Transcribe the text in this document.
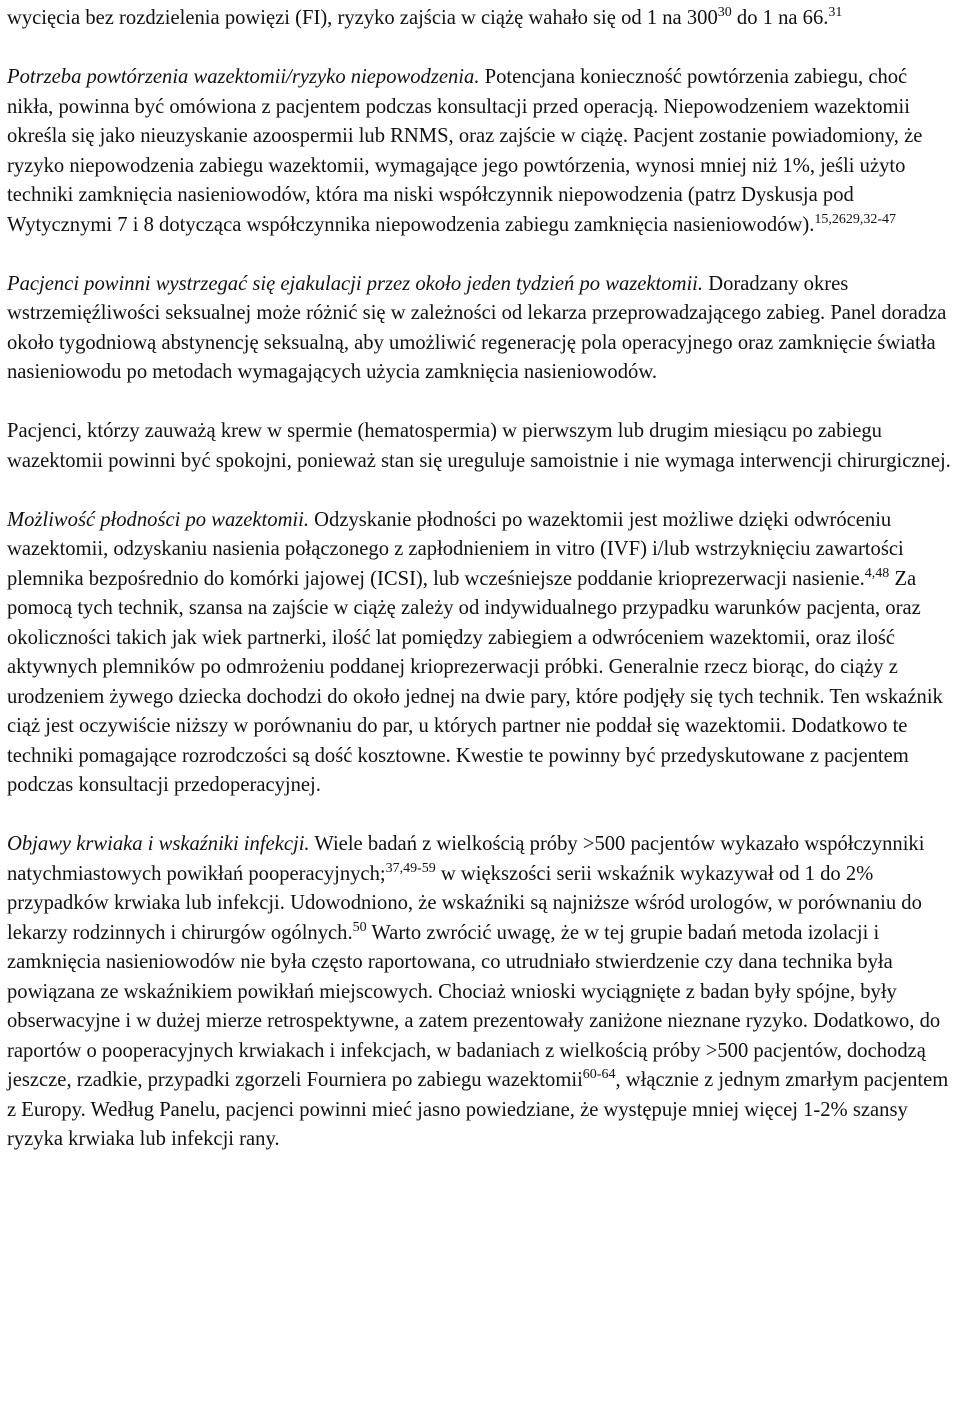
wycięcia bez rozdzielenia powięzi (FI), ryzyko zajścia w ciążę wahało się od 1 na $300^{30}$ do 1 na 66.31

Potrzeba powtórzenia wazektomii/ryzyko niepowodzenia. Potencjana konieczność powtórzenia zabiegu, choć nikła, powinna być omówiona z pacjentem podczas konsultacji przed operacją. Niepowodzeniem wazektomii określa się jako nieuzyskanie azoospermii lub RNMS, oraz zajście w ciążę. Pacjent zostanie powiadomiony, że ryzyko niepowodzenia zabiegu wazektomii, wymagające jego powtórzenia, wynosi mniej niż 1%, jeśli użyto techniki zamknięcia nasieniowodów, która ma niski współczynnik niepowodzenia (patrz Dyskusja pod Wytycznymi 7 i 8 dotycząca współczynnika niepowodzenia zabiegu zamknięcia nasieniowodów).$^{15,2629,32-47}$

Pacjenci powinni wystrzegać się ejakulacji przez około jeden tydzień po wazektomii. Doradzany okres wstrzemięźliwości seksualnej może różnić się w zależności od lekarza przeprowadzającego zabieg. Panel doradza około tygodniową abstynencję seksualną, aby umożliwić regenerację pola operacyjnego oraz zamknięcie światła nasieniowodu po metodach wymagających użycia zamknięcia nasieniowodów.

Pacjenci, którzy zauważą krew w spermie (hematospermia) w pierwszym lub drugim miesiącu po zabiegu wazektomii powinni być spokojni, ponieważ stan się ureguluje samoistnie i nie wymaga interwencji chirurgicznej.

Możliwość płodności po wazektomii. Odzyskanie płodności po wazektomii jest możliwe dzięki odwróceniu wazektomii, odzyskaniu nasienia połączonego z zapłodnieniem in vitro (IVF) i/lub wstrzyknięciu zawartości plemnika bezpośrednio do komórki jajowej (ICSI), lub wcześniejsze poddanie krioprezerwacji nasienie.$^{4,48}$ Za pomocą tych technik, szansa na zajście w ciążę zależy od indywidualnego przypadku warunków pacjenta, oraz okoliczności takich jak wiek partnerki, ilość lat pomiędzy zabiegiem a odwróceniem wazektomii, oraz ilość aktywnych plemników po odmrożeniu poddanej krioprezerwacji próbki. Generalnie rzecz biorąc, do ciąży z urodzeniem żywego dziecka dochodzi do około jednej na dwie pary, które podjęły się tych technik. Ten wskaźnik ciąż jest oczywiście niższy w porównaniu do par, u których partner nie poddał się wazektomii. Dodatkowo te techniki pomagające rozrodczości są dość kosztowne. Kwestie te powinny być przedyskutowane z pacjentem podczas konsultacji przedoperacyjnej.

Objawy krwiaka i wskaźniki infekcji. Wiele badań z wielkością próby >500 pacjentów wykazało współczynniki natychmiastowych powikłań pooperacyjnych;$^{37,49-59}$ w większości serii wskaźnik wykazywał od 1 do 2% przypadków krwiaka lub infekcji. Udowodniono, że wskaźniki są najniższe wśród urologów, w porównaniu do lekarzy rodzinnych i chirurgów ogólnych.$^{50}$ Warto zwrócić uwagę, że w tej grupie badań metoda izolacji i zamknięcia nasieniowodów nie była często raportowana, co utrudniało stwierdzenie czy dana technika była powiązana ze wskaźnikiem powikłań miejscowych. Chociaż wnioski wyciągnięte z badan były spójne, były obserwacyjne i w dużej mierze retrospektywne, a zatem prezentowały zaniżone nieznane ryzyko. Dodatkowo, do raportów o pooperacyjnych krwiakach i infekcjach, w badaniach z wielkością próby >500 pacjentów, dochodzą jeszcze, rzadkie, przypadki zgorzeli Fourniera po zabiegu wazektomii$^{60-64}$, włącznie z jednym zmarłym pacjentem z Europy. Według Panelu, pacjenci powinni mieć jasno powiedziane, że występuje mniej więcej 1-2% szansy ryzyka krwiaka lub infekcji rany.
